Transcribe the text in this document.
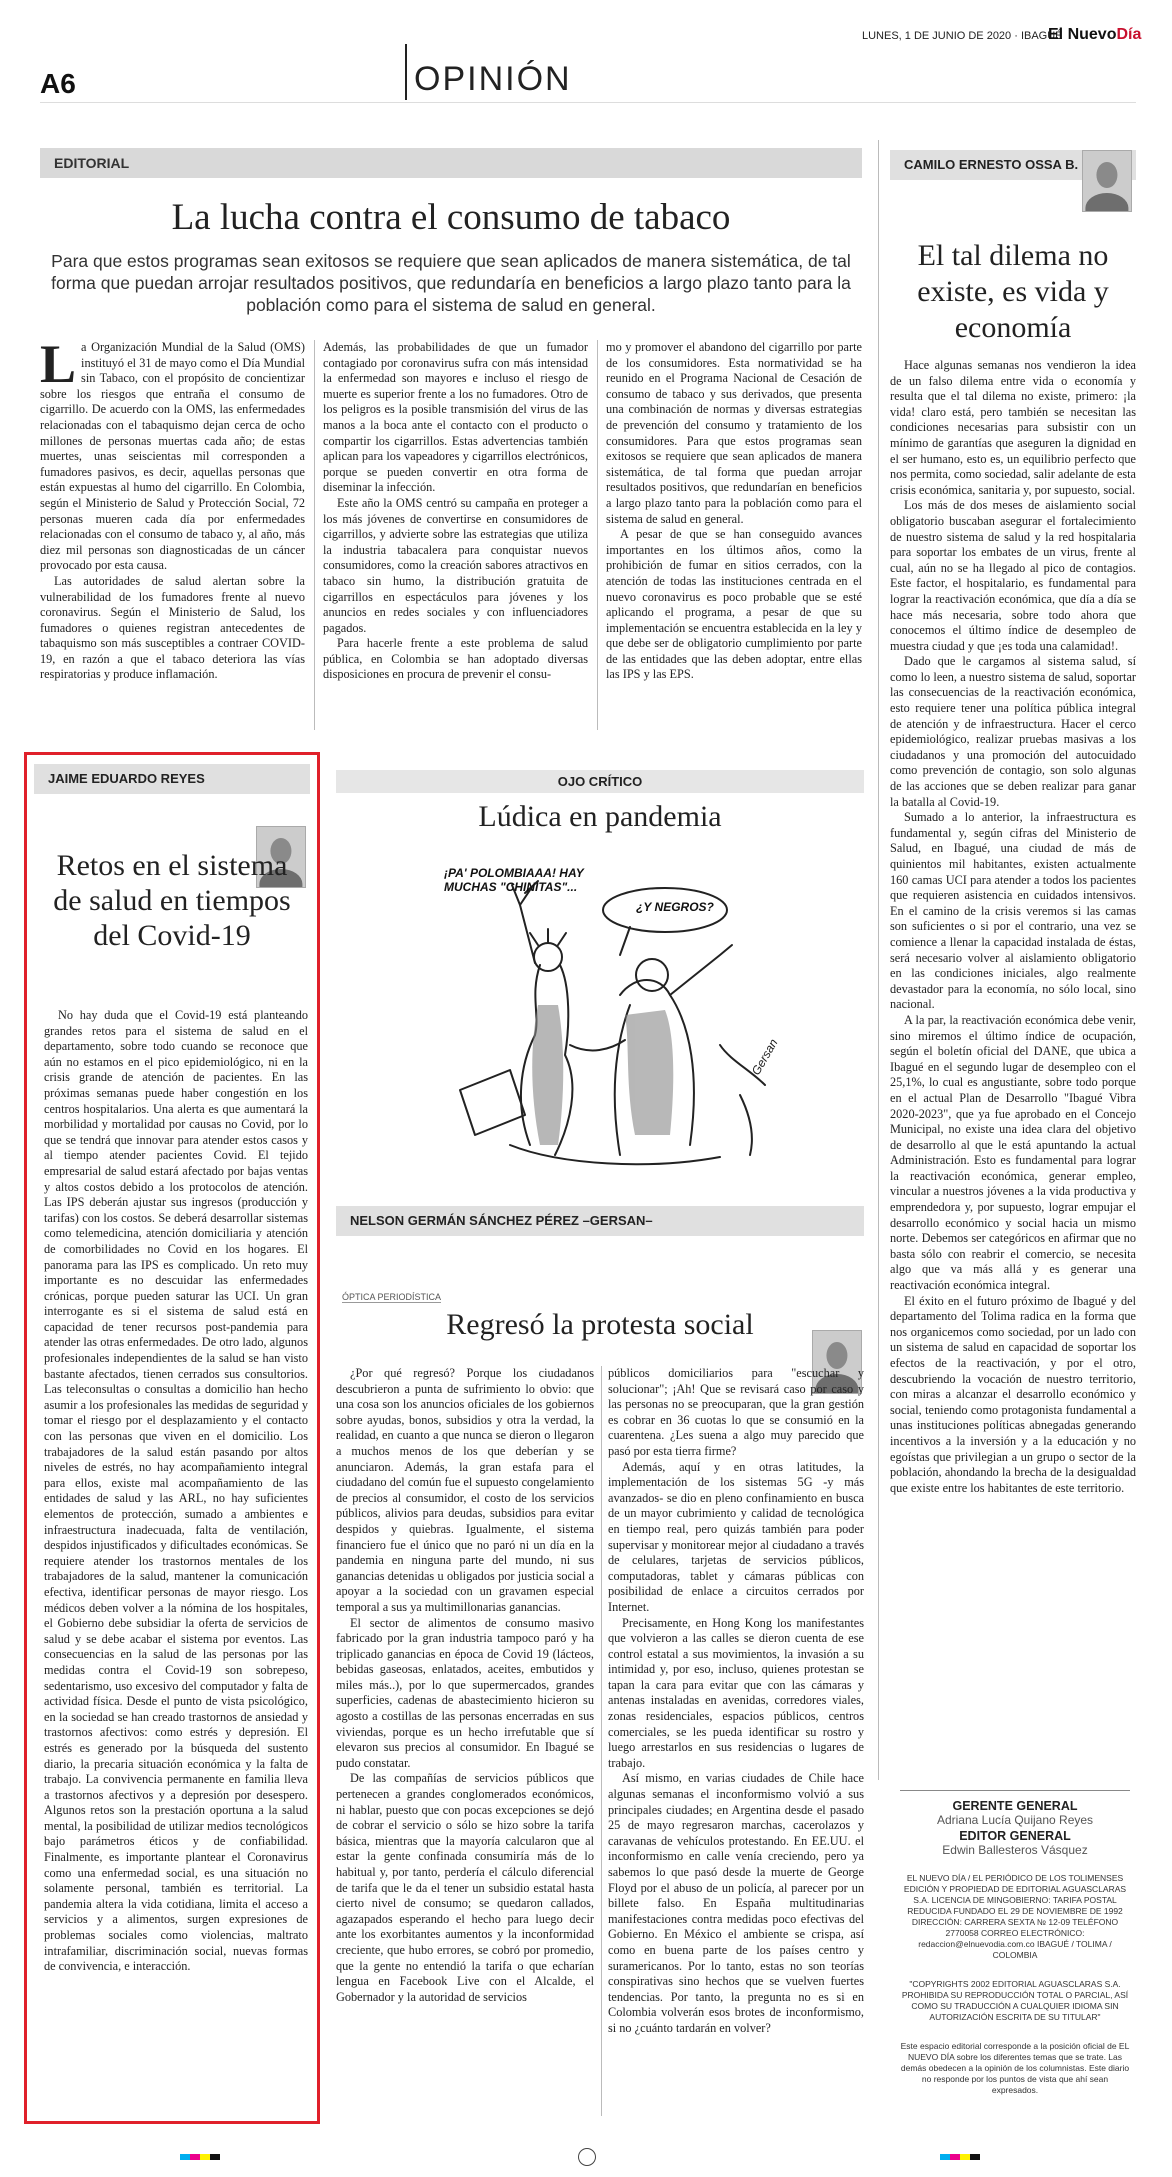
A6	OPINIÓN
LUNES, 1 DE JUNIO DE 2020 · IBAGUÉ
El NuevoDía
EDITORIAL
La lucha contra el consumo de tabaco
Para que estos programas sean exitosos se requiere que sean aplicados de manera sistemática, de tal forma que puedan arrojar resultados positivos, que redundaría en beneficios a largo plazo tanto para la población como para el sistema de salud en general.

La Organización Mundial de la Salud (OMS) instituyó el 31 de mayo como el Día Mundial sin Tabaco, con el propósito de concientizar sobre los riesgos que entraña el consumo de cigarrillo. De acuerdo con la OMS, las enfermedades relacionadas con el tabaquismo dejan cerca de ocho millones de personas muertas cada año; de estas muertes, unas seiscientas mil corresponden a fumadores pasivos, es decir, aquellas personas que están expuestas al humo del cigarrillo. En Colombia, según el Ministerio de Salud y Protección Social, 72 personas mueren cada día por enfermedades relacionadas con el consumo de tabaco y, al año, más diez mil personas son diagnosticadas de un cáncer provocado por esta causa.

Las autoridades de salud alertan sobre la vulnerabilidad de los fumadores frente al nuevo coronavirus. Según el Ministerio de Salud, los fumadores o quienes registran antecedentes de tabaquismo son más susceptibles a contraer COVID-19, en razón a que el tabaco deteriora las vías respiratorias y produce inflamación.

Además, las probabilidades de que un fumador contagiado por coronavirus sufra con más intensidad la enfermedad son mayores e incluso el riesgo de muerte es superior frente a los no fumadores. Otro de los peligros es la posible transmisión del virus de las manos a la boca ante el contacto con el producto o compartir los cigarrillos. Estas advertencias también aplican para los vapeadores y cigarrillos electrónicos, porque se pueden convertir en otra forma de diseminar la infección.

Este año la OMS centró su campaña en proteger a los más jóvenes de convertirse en consumidores de cigarrillos, y advierte sobre las estrategias que utiliza la industria tabacalera para conquistar nuevos consumidores, como la creación sabores atractivos en tabaco sin humo, la distribución gratuita de cigarrillos en espectáculos para jóvenes y los anuncios en redes sociales y con influenciadores pagados.

Para hacerle frente a este problema de salud pública, en Colombia se han adoptado diversas disposiciones en procura de prevenir el consu-

mo y promover el abandono del cigarrillo por parte de los consumidores. Esta normatividad se ha reunido en el Programa Nacional de Cesación de consumo de tabaco y sus derivados, que presenta una combinación de normas y diversas estrategias de prevención del consumo y tratamiento de los consumidores. Para que estos programas sean exitosos se requiere que sean aplicados de manera sistemática, de tal forma que puedan arrojar resultados positivos, que redundarían en beneficios a largo plazo tanto para la población como para el sistema de salud en general.

A pesar de que se han conseguido avances importantes en los últimos años, como la prohibición de fumar en sitios cerrados, con la atención de todas las instituciones centrada en el nuevo coronavirus es poco probable que se esté aplicando el programa, a pesar de que su implementación se encuentra establecida en la ley y que debe ser de obligatorio cumplimiento por parte de las entidades que las deben adoptar, entre ellas las IPS y las EPS.

CAMILO ERNESTO OSSA B.
El tal dilema no existe, es vida y economía

Hace algunas semanas nos vendieron la idea de un falso dilema entre vida o economía y resulta que el tal dilema no existe, primero: ¡la vida! claro está, pero también se necesitan las condiciones necesarias para subsistir con un mínimo de garantías que aseguren la dignidad en el ser humano, esto es, un equilibrio perfecto que nos permita, como sociedad, salir adelante de esta crisis económica, sanitaria y, por supuesto, social.

Los más de dos meses de aislamiento social obligatorio buscaban asegurar el fortalecimiento de nuestro sistema de salud y la red hospitalaria para soportar los embates de un virus, frente al cual, aún no se ha llegado al pico de contagios. Este factor, el hospitalario, es fundamental para lograr la reactivación económica, que día a día se hace más necesaria, sobre todo ahora que conocemos el último índice de desempleo de muestra ciudad y que ¡es toda una calamidad!.

Dado que le cargamos al sistema salud, sí como lo leen, a nuestro sistema de salud, soportar las consecuencias de la reactivación económica, esto requiere tener una política pública integral de atención y de infraestructura. Hacer el cerco epidemiológico, realizar pruebas masivas a los ciudadanos y una promoción del autocuidado como prevención de contagio, son solo algunas de las acciones que se deben realizar para ganar la batalla al Covid-19.

Sumado a lo anterior, la infraestructura es fundamental y, según cifras del Ministerio de Salud, en Ibagué, una ciudad de más de quinientos mil habitantes, existen actualmente 160 camas UCI para atender a todos los pacientes que requieren asistencia en cuidados intensivos. En el camino de la crisis veremos si las camas son suficientes o si por el contrario, una vez se comience a llenar la capacidad instalada de éstas, será necesario volver al aislamiento obligatorio en las condiciones iniciales, algo realmente devastador para la economía, no sólo local, sino nacional.

A la par, la reactivación económica debe venir, sino miremos el último índice de ocupación, según el boletín oficial del DANE, que ubica a Ibagué en el segundo lugar de desempleo con el 25,1%, lo cual es angustiante, sobre todo porque en el actual Plan de Desarrollo "Ibagué Vibra 2020-2023", que ya fue aprobado en el Concejo Municipal, no existe una idea clara del objetivo de desarrollo al que le está apuntando la actual Administración. Esto es fundamental para lograr la reactivación económica, generar empleo, vincular a nuestros jóvenes a la vida productiva y emprendedora y, por supuesto, lograr empujar el desarrollo económico y social hacia un mismo norte. Debemos ser categóricos en afirmar que no basta sólo con reabrir el comercio, se necesita algo que va más allá y es generar una reactivación económica integral.

El éxito en el futuro próximo de Ibagué y del departamento del Tolima radica en la forma que nos organicemos como sociedad, por un lado con un sistema de salud en capacidad de soportar los efectos de la reactivación, y por el otro, descubriendo la vocación de nuestro territorio, con miras a alcanzar el desarrollo económico y social, teniendo como protagonista fundamental a unas instituciones políticas abnegadas generando incentivos a la inversión y a la educación y no egoístas que privilegian a un grupo o sector de la población, ahondando la brecha de la desigualdad que existe entre los habitantes de este territorio.

GERENTE GENERAL
Adriana Lucía Quijano Reyes
EDITOR GENERAL
Edwin Ballesteros Vásquez
EL NUEVO DÍA / EL PERIÓDICO DE LOS TOLIMENSES EDICIÓN Y PROPIEDAD DE EDITORIAL AGUASCLARAS S.A. LICENCIA DE MINGOBIERNO: TARIFA POSTAL REDUCIDA FUNDADO EL 29 DE NOVIEMBRE DE 1992 DIRECCIÓN: CARRERA SEXTA № 12-09 TELÉFONO 2770058 CORREO ELECTRÓNICO: redaccion@elnuevodia.com.co IBAGUÉ / TOLIMA / COLOMBIA
"COPYRIGHTS 2002 EDITORIAL AGUASCLARAS S.A. PROHIBIDA SU REPRODUCCIÓN TOTAL O PARCIAL, ASÍ COMO SU TRADUCCIÓN A CUALQUIER IDIOMA SIN AUTORIZACIÓN ESCRITA DE SU TITULAR"
Este espacio editorial corresponde a la posición oficial de EL NUEVO DÍA sobre los diferentes temas que se trate. Las demás obedecen a la opinión de los columnistas. Este diario no responde por los puntos de vista que ahí sean expresados.
JAIME EDUARDO REYES
Retos en el sistema de salud en tiempos del Covid-19

No hay duda que el Covid-19 está planteando grandes retos para el sistema de salud en el departamento, sobre todo cuando se reconoce que aún no estamos en el pico epidemiológico, ni en la crisis grande de atención de pacientes. En las próximas semanas puede haber congestión en los centros hospitalarios. Una alerta es que aumentará la morbilidad y mortalidad por causas no Covid, por lo que se tendrá que innovar para atender estos casos y al tiempo atender pacientes Covid. El tejido empresarial de salud estará afectado por bajas ventas y altos costos debido a los protocolos de atención. Las IPS deberán ajustar sus ingresos (producción y tarifas) con los costos. Se deberá desarrollar sistemas como telemedicina, atención domiciliaria y atención de comorbilidades no Covid en los hogares. El panorama para las IPS es complicado. Un reto muy importante es no descuidar las enfermedades crónicas, porque pueden saturar las UCI. Un gran interrogante es si el sistema de salud está en capacidad de tener recursos post-pandemia para atender las otras enfermedades. De otro lado, algunos profesionales independientes de la salud se han visto bastante afectados, tienen cerrados sus consultorios. Las teleconsultas o consultas a domicilio han hecho asumir a los profesionales las medidas de seguridad y tomar el riesgo por el desplazamiento y el contacto con las personas que viven en el domicilio. Los trabajadores de la salud están pasando por altos niveles de estrés, no hay acompañamiento integral para ellos, existe mal acompañamiento de las entidades de salud y las ARL, no hay suficientes elementos de protección, sumado a ambientes e infraestructura inadecuada, falta de ventilación, despidos injustificados y dificultades económicas. Se requiere atender los trastornos mentales de los trabajadores de la salud, mantener la comunicación efectiva, identificar personas de mayor riesgo. Los médicos deben volver a la nómina de los hospitales, el Gobierno debe subsidiar la oferta de servicios de salud y se debe acabar el sistema por eventos. Las consecuencias en la salud de las personas por las medidas contra el Covid-19 son sobrepeso, sedentarismo, uso excesivo del computador y falta de actividad física. Desde el punto de vista psicológico, en la sociedad se han creado trastornos de ansiedad y trastornos afectivos: como estrés y depresión. El estrés es generado por la búsqueda del sustento diario, la precaria situación económica y la falta de trabajo. La convivencia permanente en familia lleva a trastornos afectivos y a depresión por desespero. Algunos retos son la prestación oportuna a la salud mental, la posibilidad de utilizar medios tecnológicos bajo parámetros éticos y de confiabilidad. Finalmente, es importante plantear el Coronavirus como una enfermedad social, es una situación no solamente personal, también es territorial. La pandemia altera la vida cotidiana, limita el acceso a servicios y a alimentos, surgen expresiones de problemas sociales como violencias, maltrato intrafamiliar, discriminación social, nuevas formas de convivencia, e interacción.

OJO CRÍTICO
Lúdica en pandemia
¡PA' POLOMBIAAA! HAY MUCHAS "CHINITAS"...
¿Y NEGROS?
Gersan
NELSON GERMÁN SÁNCHEZ PÉREZ –GERSAN–
ÓPTICA PERIODÍSTICA
Regresó la protesta social

¿Por qué regresó? Porque los ciudadanos descubrieron a punta de sufrimiento lo obvio: que una cosa son los anuncios oficiales de los gobiernos sobre ayudas, bonos, subsidios y otra la verdad, la realidad, en cuanto a que nunca se dieron o llegaron a muchos menos de los que deberían y se anunciaron. Además, la gran estafa para el ciudadano del común fue el supuesto congelamiento de precios al consumidor, el costo de los servicios públicos, alivios para deudas, subsidios para evitar despidos y quiebras. Igualmente, el sistema financiero fue el único que no paró ni un día en la pandemia en ninguna parte del mundo, ni sus ganancias detenidas u obligados por justicia social a apoyar a la sociedad con un gravamen especial temporal a sus ya multimillonarias ganancias.

El sector de alimentos de consumo masivo fabricado por la gran industria tampoco paró y ha triplicado ganancias en época de Covid 19 (lácteos, bebidas gaseosas, enlatados, aceites, embutidos y miles más..), por lo que supermercados, grandes superficies, cadenas de abastecimiento hicieron su agosto a costillas de las personas encerradas en sus viviendas, porque es un hecho irrefutable que sí elevaron sus precios al consumidor. En Ibagué se pudo constatar.

De las compañías de servicios públicos que pertenecen a grandes conglomerados económicos, ni hablar, puesto que con pocas excepciones se dejó de cobrar el servicio o sólo se hizo sobre la tarifa básica, mientras que la mayoría calcularon que al estar la gente confinada consumiría más de lo habitual y, por tanto, perdería el cálculo diferencial de tarifa que le da el tener un subsidio estatal hasta cierto nivel de consumo; se quedaron callados, agazapados esperando el hecho para luego decir ante los exorbitantes aumentos y la inconformidad creciente, que hubo errores, se cobró por promedio, que la gente no entendió la tarifa o que echarían lengua en Facebook Live con el Alcalde, el Gobernador y la autoridad de servicios

públicos domiciliarios para "escuchar y solucionar"; ¡Ah! Que se revisará caso por caso y las personas no se preocuparan, que la gran gestión es cobrar en 36 cuotas lo que se consumió en la cuarentena. ¿Les suena a algo muy parecido que pasó por esta tierra firme?

Además, aquí y en otras latitudes, la implementación de los sistemas 5G -y más avanzados- se dio en pleno confinamiento en busca de un mayor cubrimiento y calidad de tecnológica en tiempo real, pero quizás también para poder supervisar y monitorear mejor al ciudadano a través de celulares, tarjetas de servicios públicos, computadoras, tablet y cámaras públicas con posibilidad de enlace a circuitos cerrados por Internet.

Precisamente, en Hong Kong los manifestantes que volvieron a las calles se dieron cuenta de ese control estatal a sus movimientos, la invasión a su intimidad y, por eso, incluso, quienes protestan se tapan la cara para evitar que con las cámaras y antenas instaladas en avenidas, corredores viales, zonas residenciales, espacios públicos, centros comerciales, se les pueda identificar su rostro y luego arrestarlos en sus residencias o lugares de trabajo.

Así mismo, en varias ciudades de Chile hace algunas semanas el inconformismo volvió a sus principales ciudades; en Argentina desde el pasado 25 de mayo regresaron marchas, cacerolazos y caravanas de vehículos protestando. En EE.UU. el inconformismo en calle venía creciendo, pero ya sabemos lo que pasó desde la muerte de George Floyd por el abuso de un policía, al parecer por un billete falso. En España multitudinarias manifestaciones contra medidas poco efectivas del Gobierno. En México el ambiente se crispa, así como en buena parte de los países centro y suramericanos. Por lo tanto, estas no son teorías conspirativas sino hechos que se vuelven fuertes tendencias. Por tanto, la pregunta no es si en Colombia volverán esos brotes de inconformismo, si no ¿cuánto tardarán en volver?
